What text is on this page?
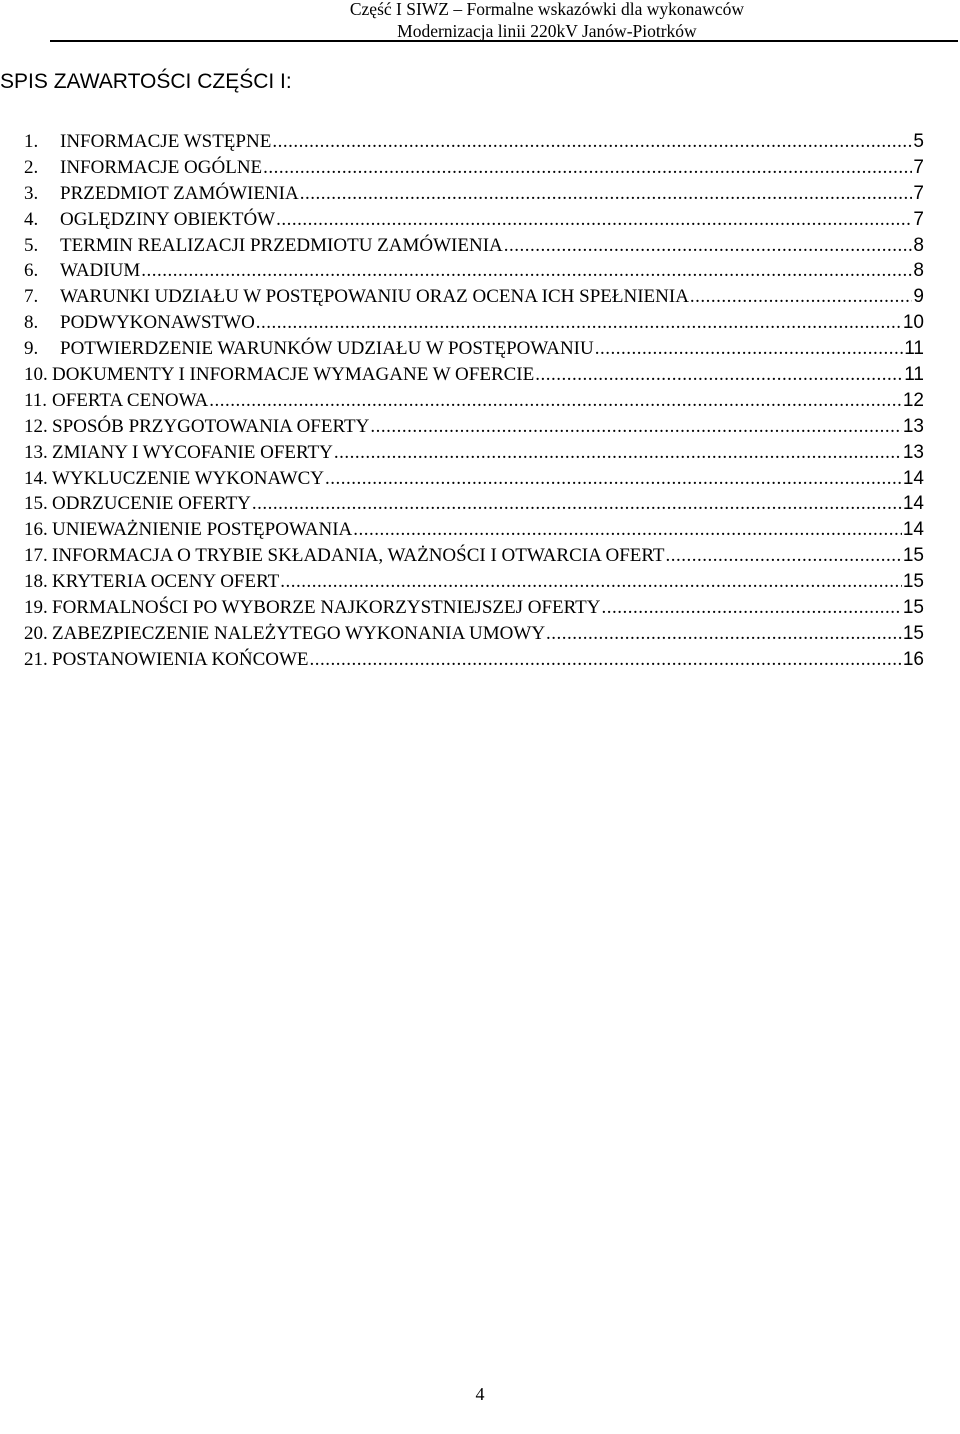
Część I SIWZ – Formalne wskazówki dla wykonawców
Modernizacja linii 220kV Janów-Piotrków
SPIS ZAWARTOŚCI CZĘŚCI I:
1.	INFORMACJE WSTĘPNE .....	5
2.	INFORMACJE OGÓLNE .....	7
3.	PRZEDMIOT ZAMÓWIENIA .....	7
4.	OGLĘDZINY OBIEKTÓW .....	7
5.	TERMIN REALIZACJI PRZEDMIOTU ZAMÓWIENIA .....	8
6.	WADIUM .....	8
7.	WARUNKI UDZIAŁU W POSTĘPOWANIU ORAZ OCENA ICH SPEŁNIENIA .....	9
8.	PODWYKONAWSTWO .....	10
9.	POTWIERDZENIE WARUNKÓW UDZIAŁU W POSTĘPOWANIU .....	11
10. DOKUMENTY I INFORMACJE WYMAGANE W OFERCIE .....	11
11. OFERTA CENOWA .....	12
12. SPOSÓB PRZYGOTOWANIA OFERTY .....	13
13. ZMIANY I WYCOFANIE OFERTY .....	13
14. WYKLUCZENIE WYKONAWCY .....	14
15. ODRZUCENIE OFERTY .....	14
16. UNIEWAŻNIENIE POSTĘPOWANIA .....	14
17. INFORMACJA O TRYBIE SKŁADANIA, WAŻNOŚCI I OTWARCIA OFERT .....	15
18. KRYTERIA OCENY OFERT .....	15
19. FORMALNOŚCI PO WYBORZE NAJKORZYSTNIEJSZEJ OFERTY .....	15
20. ZABEZPIECZENIE NALEŻYTEGO WYKONANIA UMOWY .....	15
21. POSTANOWIENIA KOŃCOWE .....	16
4
